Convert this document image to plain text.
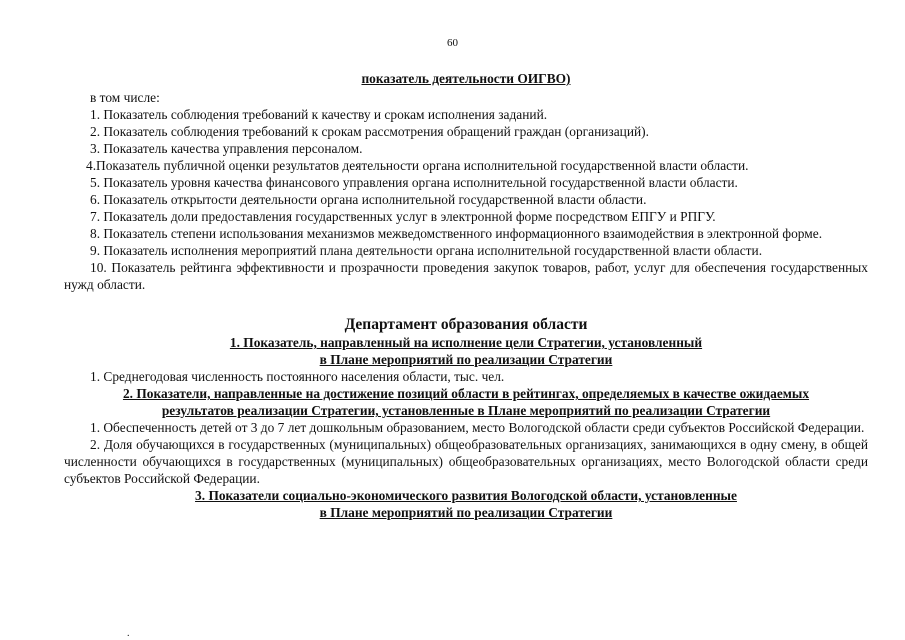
60

показатель деятельности ОИГВО)

в том числе:

1. Показатель соблюдения требований к качеству и срокам исполнения заданий.

2. Показатель соблюдения требований к срокам рассмотрения обращений граждан (организаций).

3. Показатель качества управления персоналом.

4.Показатель публичной оценки результатов деятельности органа исполнительной государственной власти области.

5. Показатель уровня качества финансового управления органа исполнительной государственной власти области.

6. Показатель открытости деятельности органа исполнительной государственной власти области.

7. Показатель доли предоставления государственных услуг в электронной форме посредством ЕПГУ и РПГУ.

8. Показатель степени использования механизмов межведомственного информационного взаимодействия в электронной форме.

9. Показатель исполнения мероприятий плана деятельности органа исполнительной государственной власти области.

10. Показатель рейтинга эффективности и прозрачности проведения закупок товаров, работ, услуг для обеспечения государственных нужд области.

Департамент образования области

1. Показатель, направленный на исполнение цели Стратегии, установленный

в Плане мероприятий по реализации Стратегии

1. Среднегодовая численность постоянного населения области, тыс. чел.

2. Показатели, направленные на достижение позиций области в рейтингах, определяемых в качестве ожидаемых

результатов реализации Стратегии, установленные в Плане мероприятий по реализации Стратегии

1. Обеспеченность детей от 3 до 7 лет дошкольным образованием, место Вологодской области среди субъектов Российской Федерации.

2. Доля обучающихся в государственных (муниципальных) общеобразовательных организациях, занимающихся в одну смену, в общей численности обучающихся в государственных (муниципальных) общеобразовательных организациях, место Вологодской области среди субъектов Российской Федерации.

3. Показатели социально-экономического развития Вологодской области, установленные

в Плане мероприятий по реализации Стратегии

.
